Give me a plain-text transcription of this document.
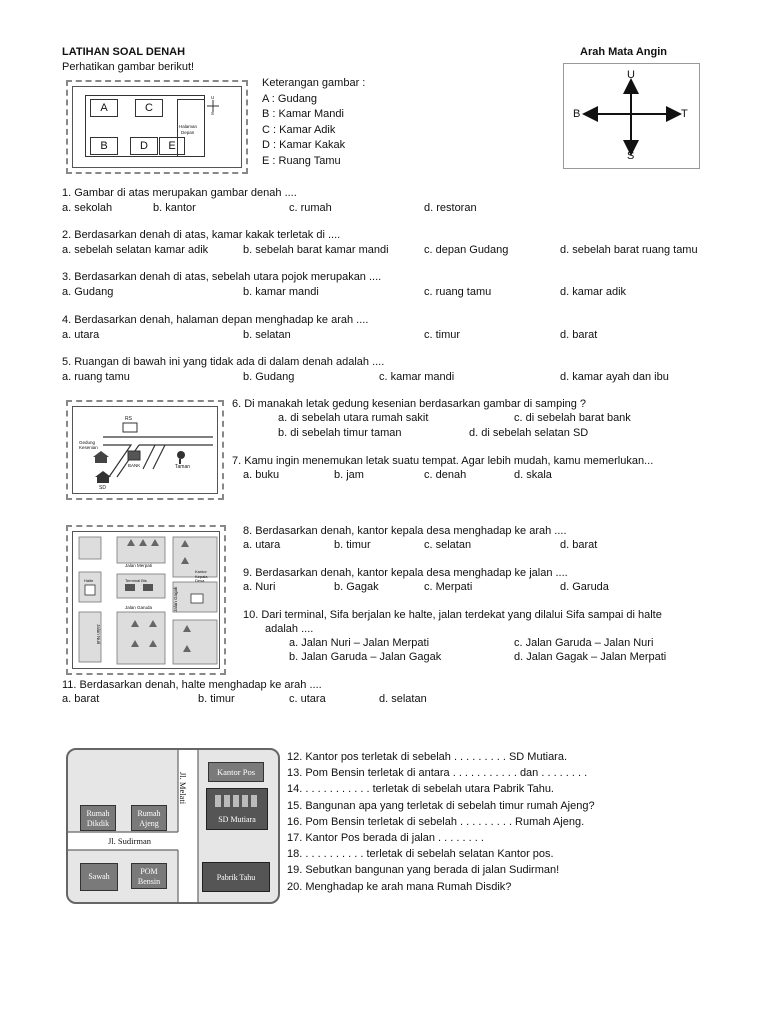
LATIHAN SOAL DENAH
Perhatikan gambar berikut!
Arah Mata Angin
U
S
B	T
A	C
B	D	E
Halaman
Depan
U
S
Keterangan gambar :
A : Gudang
B : Kamar Mandi
C : Kamar Adik
D : Kamar Kakak
E : Ruang Tamu
1. Gambar di atas merupakan gambar denah ....
a. sekolah	b. kantor	c. rumah	d. restoran
2. Berdasarkan denah di atas, kamar kakak terletak di ....
a. sebelah selatan kamar adik	b. sebelah barat kamar mandi	c. depan Gudang	d. sebelah barat ruang tamu
3. Berdasarkan denah di atas, sebelah utara pojok merupakan ....
a. Gudang	b. kamar mandi	c. ruang tamu	d. kamar adik
4. Berdasarkan denah, halaman depan menghadap ke arah ....
a. utara	b. selatan	c. timur	d. barat
5. Ruangan di bawah ini yang tidak ada di dalam denah adalah ....
a. ruang tamu	b. Gudang	c. kamar mandi	d. kamar ayah dan ibu
RS
Gedung
Kesenian
BANK	Taman
SD
6. Di manakah letak gedung kesenian berdasarkan gambar di samping ?
a. di sebelah utara rumah sakit	c. di sebelah barat bank
b. di sebelah timur taman	d. di sebelah selatan SD
7. Kamu ingin menemukan letak suatu tempat. Agar lebih mudah, kamu memerlukan...
a. buku	b. jam	c. denah	d. skala
Jalan Merpati
Terminal Bis
Jalan Garuda
Jalan Nuri
Jalan Gagak
Halte
Kantor
Kepala
Desa
8. Berdasarkan denah, kantor kepala desa menghadap ke arah ....
a. utara	b. timur	c. selatan	d. barat
9. Berdasarkan denah, kantor kepala desa menghadap ke jalan ....
a. Nuri	b. Gagak	c. Merpati	d. Garuda
10. Dari terminal, Sifa berjalan ke halte, jalan terdekat yang dilalui Sifa sampai di halte
adalah ....
a. Jalan Nuri – Jalan Merpati	c. Jalan Garuda – Jalan Nuri
b. Jalan Garuda – Jalan Gagak	d. Jalan Gagak – Jalan Merpati
11. Berdasarkan denah, halte menghadap ke arah ....
a. barat	b. timur	c. utara	d. selatan
Kantor Pos
Jl. Melati
Rumah
Dikdik
Rumah
Ajeng	SD Mutiara
Jl. Sudirman
Sawah
POM
Bensin	Pabrik Tahu
12. Kantor pos terletak di sebelah . . . . . . . . . SD Mutiara.
13. Pom Bensin terletak di antara . . . . . . . . . . . dan . . . . . . . .
14. . . . . . . . . . . . terletak di sebelah utara Pabrik Tahu.
15. Bangunan apa yang terletak di sebelah timur rumah Ajeng?
16. Pom Bensin terletak di sebelah . . . . . . . . . Rumah Ajeng.
17. Kantor Pos berada di jalan . . . . . . . .
18. . . . . . . . . . . terletak di sebelah selatan Kantor pos.
19. Sebutkan bangunan yang berada di jalan Sudirman!
20. Menghadap ke arah mana Rumah Disdik?
